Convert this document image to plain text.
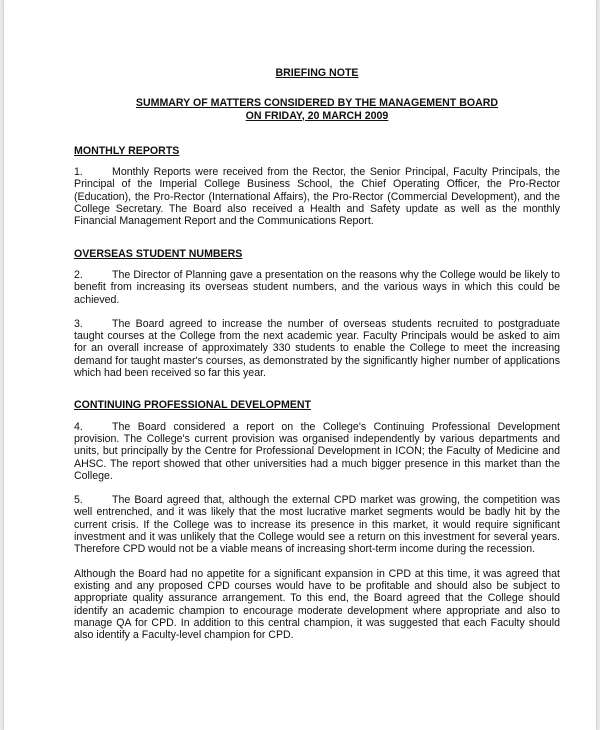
BRIEFING NOTE

SUMMARY OF MATTERS CONSIDERED BY THE MANAGEMENT BOARD

ON FRIDAY, 20 MARCH 2009

MONTHLY REPORTS

1.	Monthly Reports were received from the Rector, the Senior Principal, Faculty Principals, the Principal of the Imperial College Business School, the Chief Operating Officer, the Pro-Rector (Education), the Pro-Rector (International Affairs), the Pro-Rector (Commercial Development), and the College Secretary. The Board also received a Health and Safety update as well as the monthly Financial Management Report and the Communications Report.

OVERSEAS STUDENT NUMBERS

2.	The Director of Planning gave a presentation on the reasons why the College would be likely to benefit from increasing its overseas student numbers, and the various ways in which this could be achieved.

3.	The Board agreed to increase the number of overseas students recruited to postgraduate taught courses at the College from the next academic year. Faculty Principals would be asked to aim for an overall increase of approximately 330 students to enable the College to meet the increasing demand for taught master's courses, as demonstrated by the significantly higher number of applications which had been received so far this year.

CONTINUING PROFESSIONAL DEVELOPMENT

4.	The Board considered a report on the College's Continuing Professional Development provision. The College's current provision was organised independently by various departments and units, but principally by the Centre for Professional Development in ICON; the Faculty of Medicine and AHSC. The report showed that other universities had a much bigger presence in this market than the College.

5.	The Board agreed that, although the external CPD market was growing, the competition was well entrenched, and it was likely that the most lucrative market segments would be badly hit by the current crisis. If the College was to increase its presence in this market, it would require significant investment and it was unlikely that the College would see a return on this investment for several years. Therefore CPD would not be a viable means of increasing short-term income during the recession.

Although the Board had no appetite for a significant expansion in CPD at this time, it was agreed that existing and any proposed CPD courses would have to be profitable and should also be subject to appropriate quality assurance arrangement. To this end, the Board agreed that the College should identify an academic champion to encourage moderate development where appropriate and also to manage QA for CPD. In addition to this central champion, it was suggested that each Faculty should also identify a Faculty-level champion for CPD.
